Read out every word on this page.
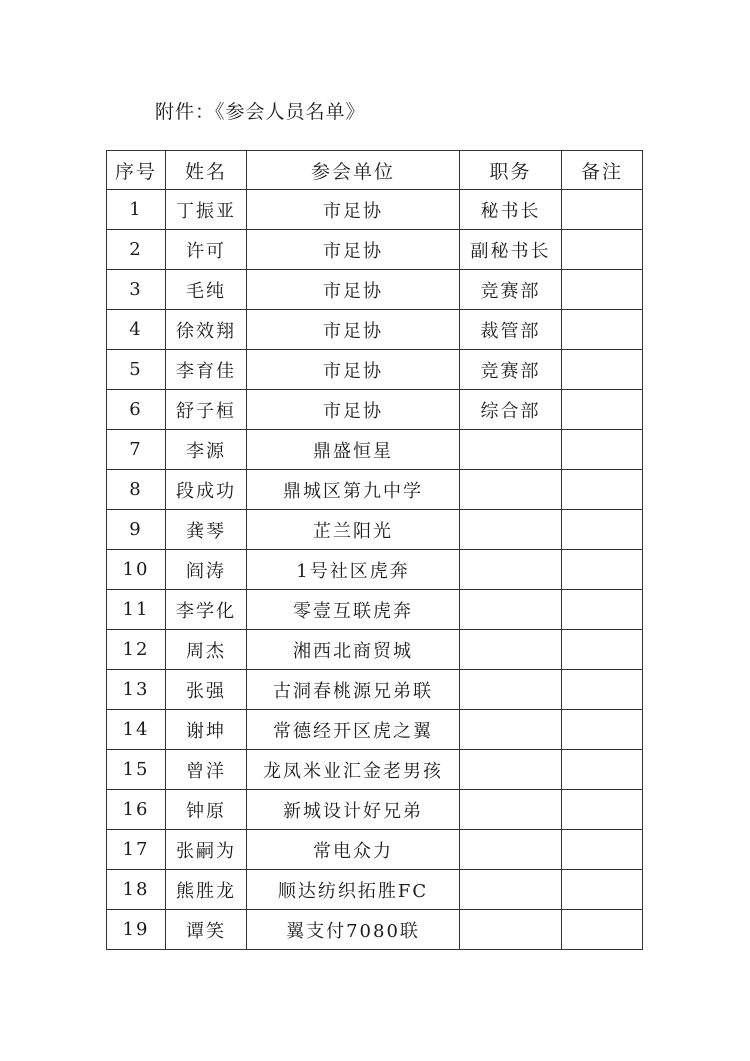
附件：《参会人员名单》
序号	姓名	参会单位	职务	备注
1	丁振亚	市足协	秘书长	
2	许可	市足协	副秘书长	
3	毛纯	市足协	竞赛部	
4	徐效翔	市足协	裁管部	
5	李育佳	市足协	竞赛部	
6	舒子桓	市足协	综合部	
7	李源	鼎盛恒星		
8	段成功	鼎城区第九中学		
9	龚琴	芷兰阳光		
10	阎涛	1号社区虎奔		
11	李学化	零壹互联虎奔		
12	周杰	湘西北商贸城		
13	张强	古洞春桃源兄弟联		
14	谢坤	常德经开区虎之翼		
15	曾洋	龙凤米业汇金老男孩		
16	钟原	新城设计好兄弟		
17	张嗣为	常电众力		
18	熊胜龙	顺达纺织拓胜FC		
19	谭笑	翼支付7080联		
